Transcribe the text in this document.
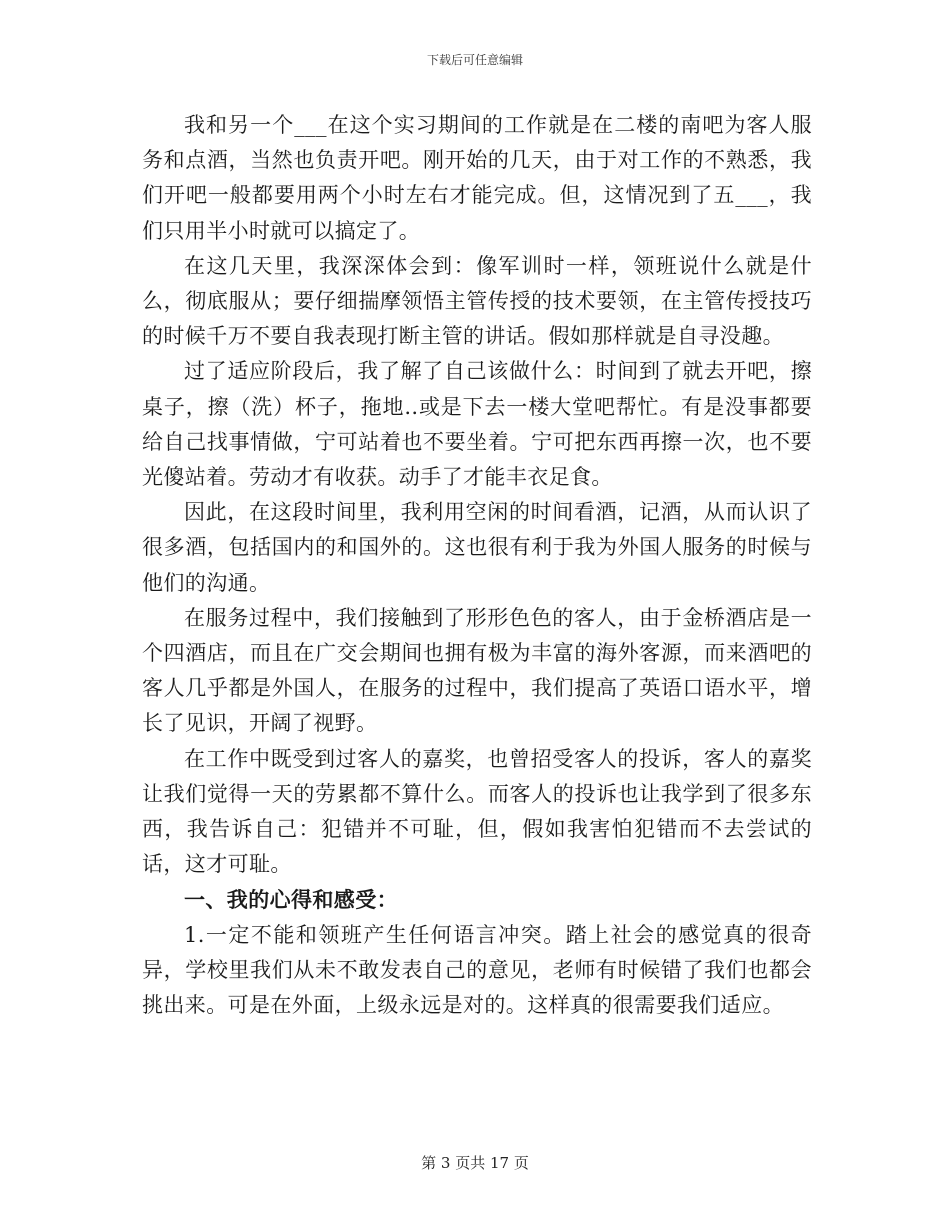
下载后可任意编辑

我和另一个___在这个实习期间的工作就是在二楼的南吧为客人服务和点酒，当然也负责开吧。刚开始的几天，由于对工作的不熟悉，我们开吧一般都要用两个小时左右才能完成。但，这情况到了五___，我们只用半小时就可以搞定了。

在这几天里，我深深体会到：像军训时一样，领班说什么就是什么，彻底服从；要仔细揣摩领悟主管传授的技术要领，在主管传授技巧的时候千万不要自我表现打断主管的讲话。假如那样就是自寻没趣。

过了适应阶段后，我了解了自己该做什么：时间到了就去开吧，擦桌子，擦（洗）杯子，拖地..或是下去一楼大堂吧帮忙。有是没事都要给自己找事情做，宁可站着也不要坐着。宁可把东西再擦一次，也不要光傻站着。劳动才有收获。动手了才能丰衣足食。

因此，在这段时间里，我利用空闲的时间看酒，记酒，从而认识了很多酒，包括国内的和国外的。这也很有利于我为外国人服务的时候与他们的沟通。

在服务过程中，我们接触到了形形色色的客人，由于金桥酒店是一个四酒店，而且在广交会期间也拥有极为丰富的海外客源，而来酒吧的客人几乎都是外国人，在服务的过程中，我们提高了英语口语水平，增长了见识，开阔了视野。

在工作中既受到过客人的嘉奖，也曾招受客人的投诉，客人的嘉奖让我们觉得一天的劳累都不算什么。而客人的投诉也让我学到了很多东西，我告诉自己：犯错并不可耻，但，假如我害怕犯错而不去尝试的话，这才可耻。

一、我的心得和感受：

1.一定不能和领班产生任何语言冲突。踏上社会的感觉真的很奇异，学校里我们从未不敢发表自己的意见，老师有时候错了我们也都会挑出来。可是在外面，上级永远是对的。这样真的很需要我们适应。

第 3 页共 17 页
